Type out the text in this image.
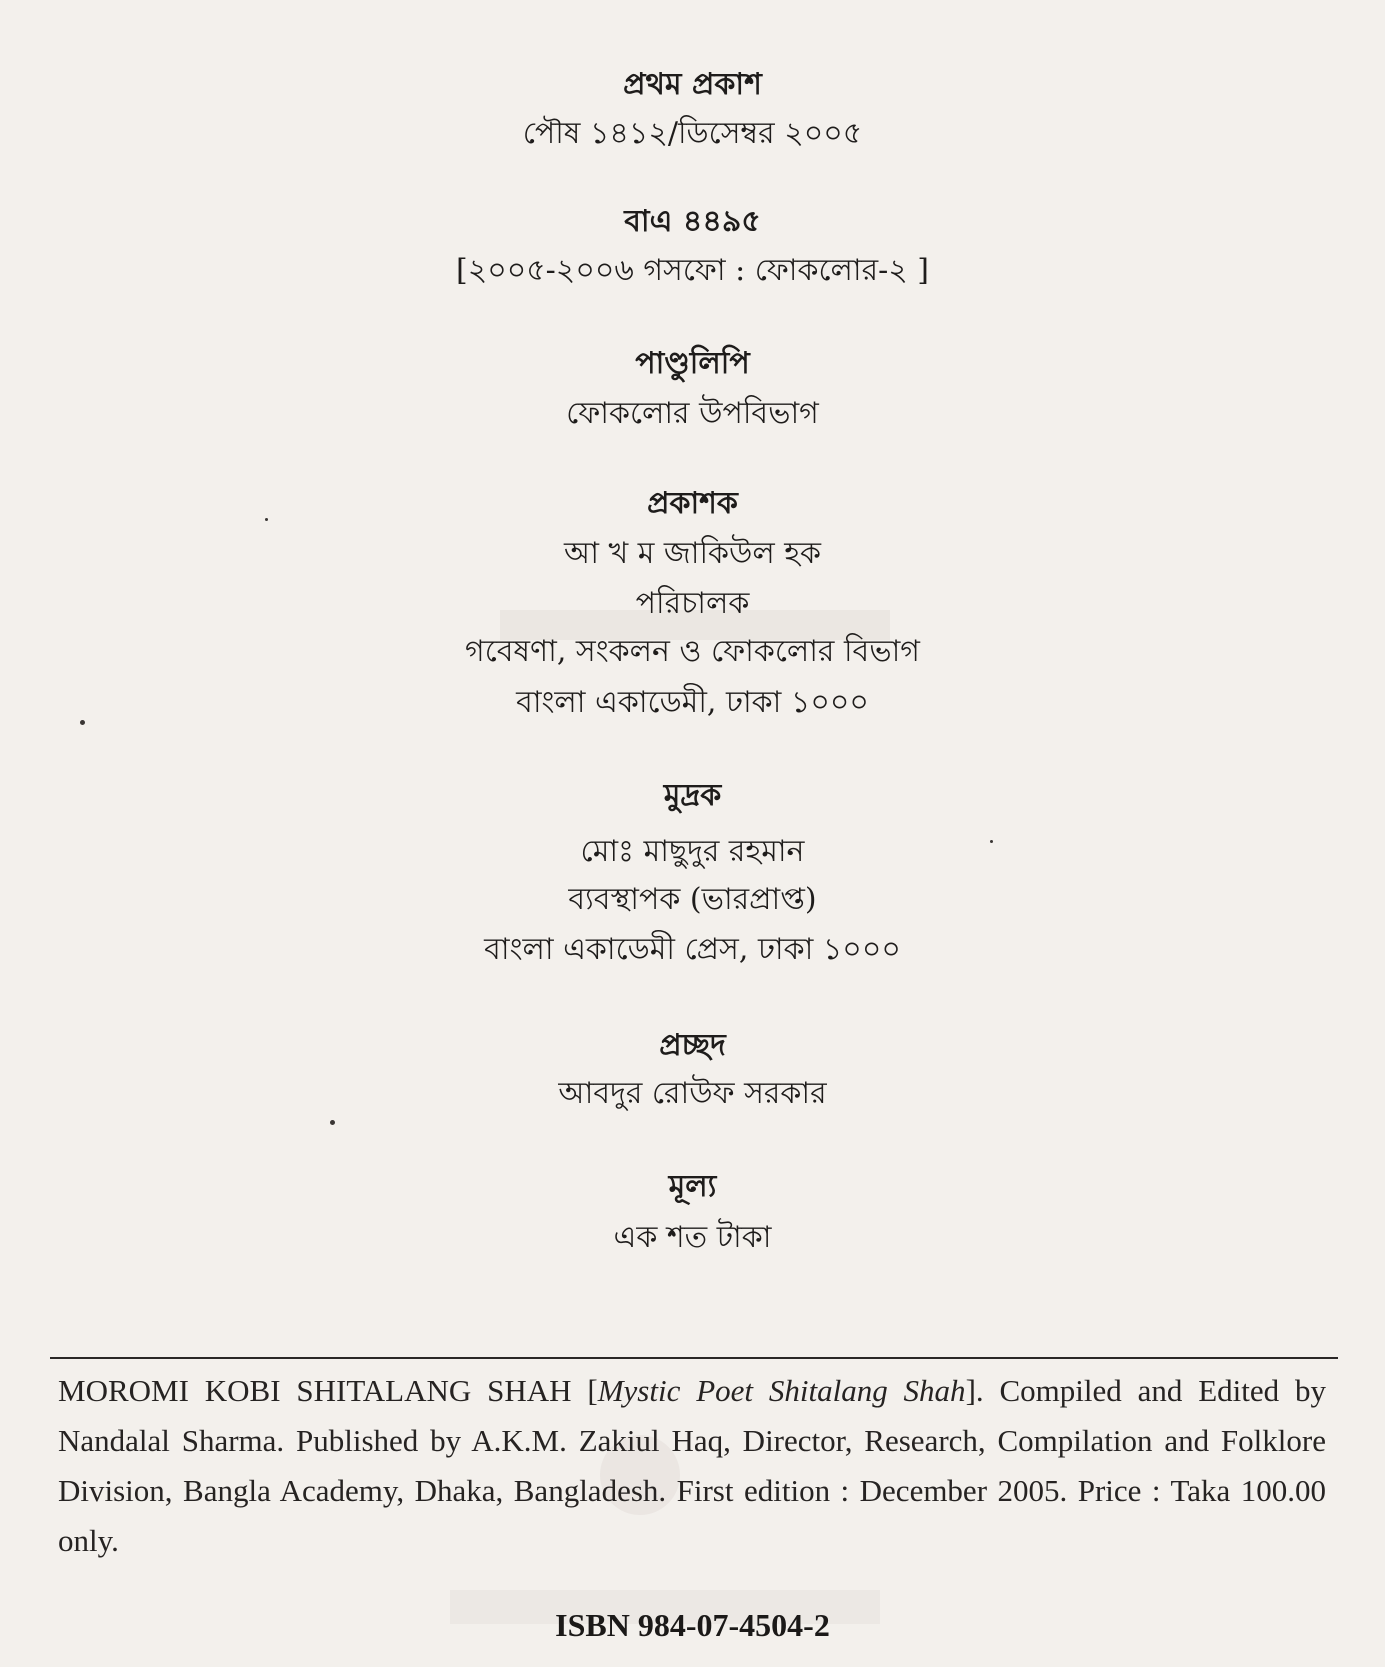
প্রথম প্রকাশ
পৌষ ১৪১২/ডিসেম্বর ২০০৫
বাএ ৪৪৯৫
[২০০৫-২০০৬ গসফো : ফোকলোর-২ ]
পাণ্ডুলিপি
ফোকলোর উপবিভাগ
প্রকাশক
আ খ ম জাকিউল হক
পরিচালক
গবেষণা, সংকলন ও ফোকলোর বিভাগ
বাংলা একাডেমী, ঢাকা ১০০০
মুদ্রক
মোঃ মাছুদুর রহমান
ব্যবস্থাপক (ভারপ্রাপ্ত)
বাংলা একাডেমী প্রেস, ঢাকা ১০০০
প্রচ্ছদ
আবদুর রোউফ সরকার
মূল্য
এক শত টাকা

MOROMI KOBI SHITALANG SHAH [Mystic Poet Shitalang Shah]. Compiled and Edited by Nandalal Sharma. Published by A.K.M. Zakiul Haq, Director, Research, Compilation and Folklore Division, Bangla Academy, Dhaka, Bangladesh. First edition : December 2005. Price : Taka 100.00 only.

ISBN 984-07-4504-2
